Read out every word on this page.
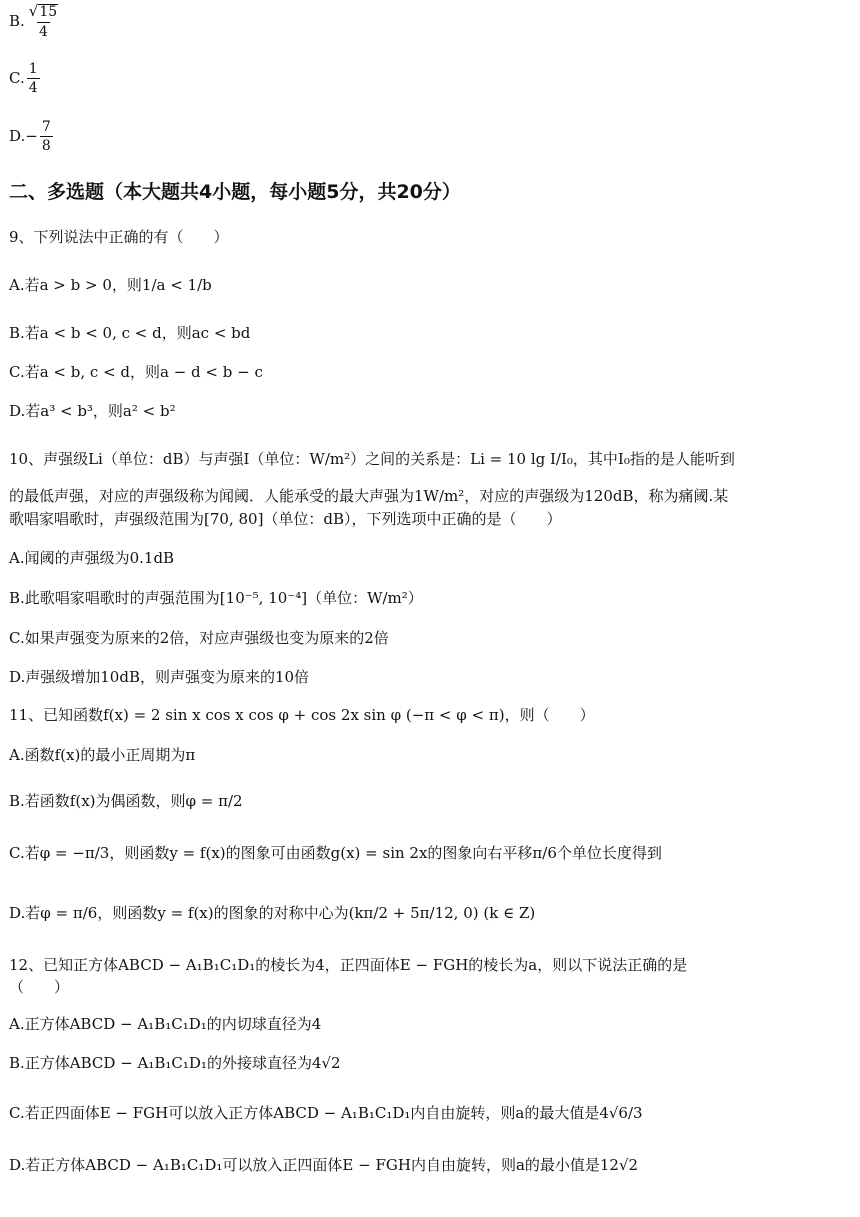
B. $\frac{√ 15}{4}$
C. $\frac{1}{4}$
$D.- \frac{7}{8}$
二、多选题（本大题共4小题，每小题5分，共20分）
9、下列说法中正确的有（　　）
A.若a > b > 0，则1/a < 1/b
B.若a < b < 0, c < d，则ac < bd
C.若a < b, c < d，则a − d < b − c
D.若a³ < b³，则a² < b²
10、声强级Li（单位：dB）与声强I（单位：W/m²）之间的关系是：Li = 10 lg I/I₀，其中I₀指的是人能听到
的最低声强，对应的声强级称为闻阈．人能承受的最大声强为1W/m²，对应的声强级为120dB，称为痛阈.某
歌唱家唱歌时，声强级范围为[70, 80]（单位：dB），下列选项中正确的是（　　）
A.闻阈的声强级为0.1dB
B.此歌唱家唱歌时的声强范围为[10⁻⁵, 10⁻⁴]（单位：W/m²）
C.如果声强变为原来的2倍，对应声强级也变为原来的2倍
D.声强级增加10dB，则声强变为原来的10倍
11、已知函数f(x) = 2 sin x cos x cos φ + cos 2x sin φ (−π < φ < π)，则（　　）
A.函数f(x)的最小正周期为π
B.若函数f(x)为偶函数，则φ = π/2
C.若φ = −π/3，则函数y = f(x)的图象可由函数g(x) = sin 2x的图象向右平移π/6个单位长度得到
D.若φ = π/6，则函数y = f(x)的图象的对称中心为(kπ/2 + 5π/12, 0) (k ∈ Z)
12、已知正方体ABCD − A₁B₁C₁D₁的棱长为4，正四面体E − FGH的棱长为a，则以下说法正确的是
（　　）
A.正方体ABCD − A₁B₁C₁D₁的内切球直径为4
B.正方体ABCD − A₁B₁C₁D₁的外接球直径为4√2
C.若正四面体E − FGH可以放入正方体ABCD − A₁B₁C₁D₁内自由旋转，则a的最大值是4√6/3
D.若正方体ABCD − A₁B₁C₁D₁可以放入正四面体E − FGH内自由旋转，则a的最小值是12√2
